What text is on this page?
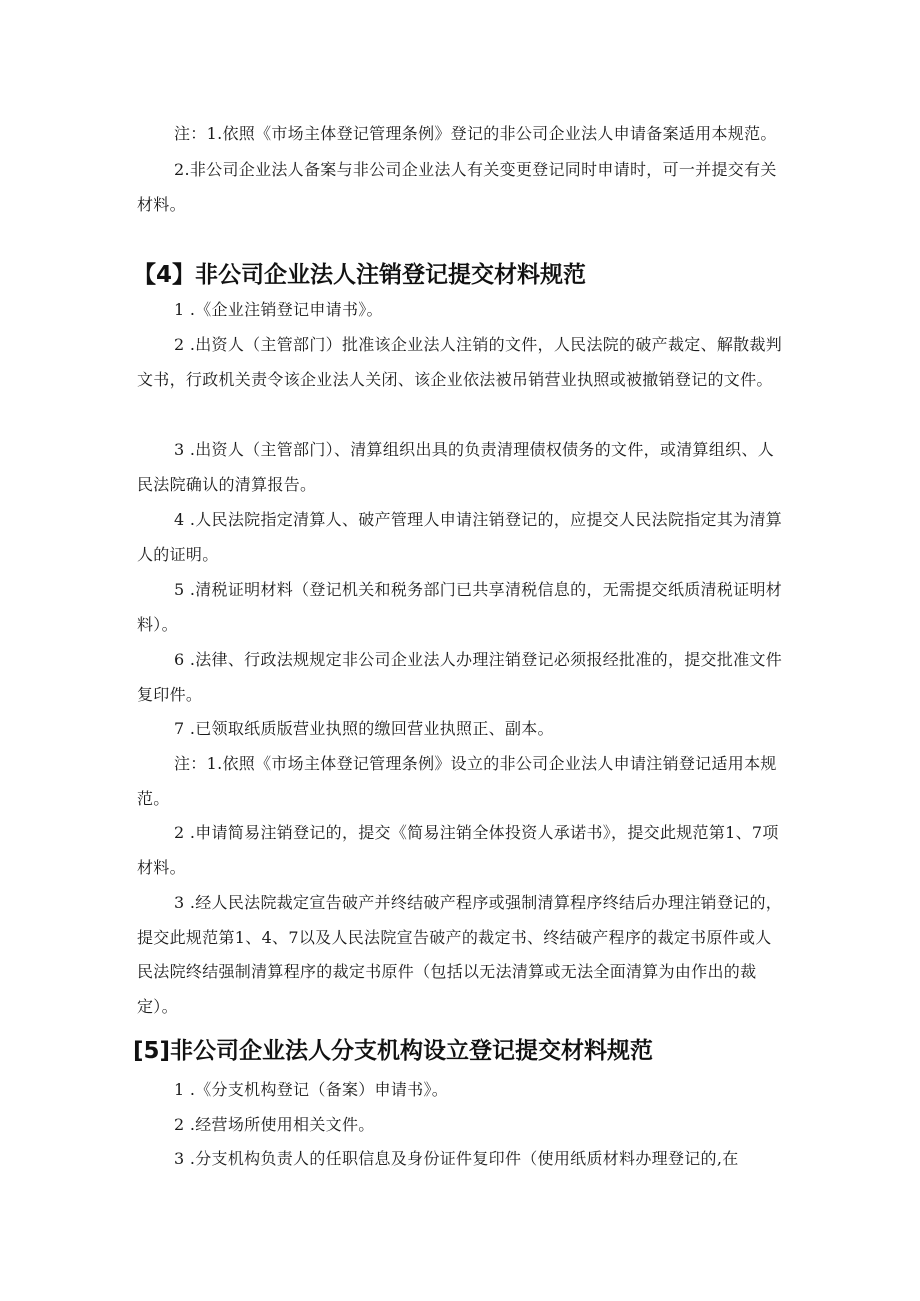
注：1.依照《市场主体登记管理条例》登记的非公司企业法人申请备案适用本规范。

2.非公司企业法人备案与非公司企业法人有关变更登记同时申请时，可一并提交有关材料。

【4】非公司企业法人注销登记提交材料规范

1 .《企业注销登记申请书》。

2 .出资人（主管部门）批准该企业法人注销的文件，人民法院的破产裁定、解散裁判文书，行政机关责令该企业法人关闭、该企业依法被吊销营业执照或被撤销登记的文件。

3 .出资人（主管部门）、清算组织出具的负责清理债权债务的文件，或清算组织、人民法院确认的清算报告。

4 .人民法院指定清算人、破产管理人申请注销登记的，应提交人民法院指定其为清算人的证明。

5 .清税证明材料（登记机关和税务部门已共享清税信息的，无需提交纸质清税证明材料）。

6 .法律、行政法规规定非公司企业法人办理注销登记必须报经批准的，提交批准文件复印件。

7 .已领取纸质版营业执照的缴回营业执照正、副本。

注：1.依照《市场主体登记管理条例》设立的非公司企业法人申请注销登记适用本规范。

2 .申请简易注销登记的，提交《简易注销全体投资人承诺书》，提交此规范第1、7项材料。

3 .经人民法院裁定宣告破产并终结破产程序或强制清算程序终结后办理注销登记的，提交此规范第1、4、7以及人民法院宣告破产的裁定书、终结破产程序的裁定书原件或人民法院终结强制清算程序的裁定书原件（包括以无法清算或无法全面清算为由作出的裁定）。

[5]非公司企业法人分支机构设立登记提交材料规范

1 .《分支机构登记（备案）申请书》。

2 .经营场所使用相关文件。

3 .分支机构负责人的任职信息及身份证件复印件（使用纸质材料办理登记的,在
